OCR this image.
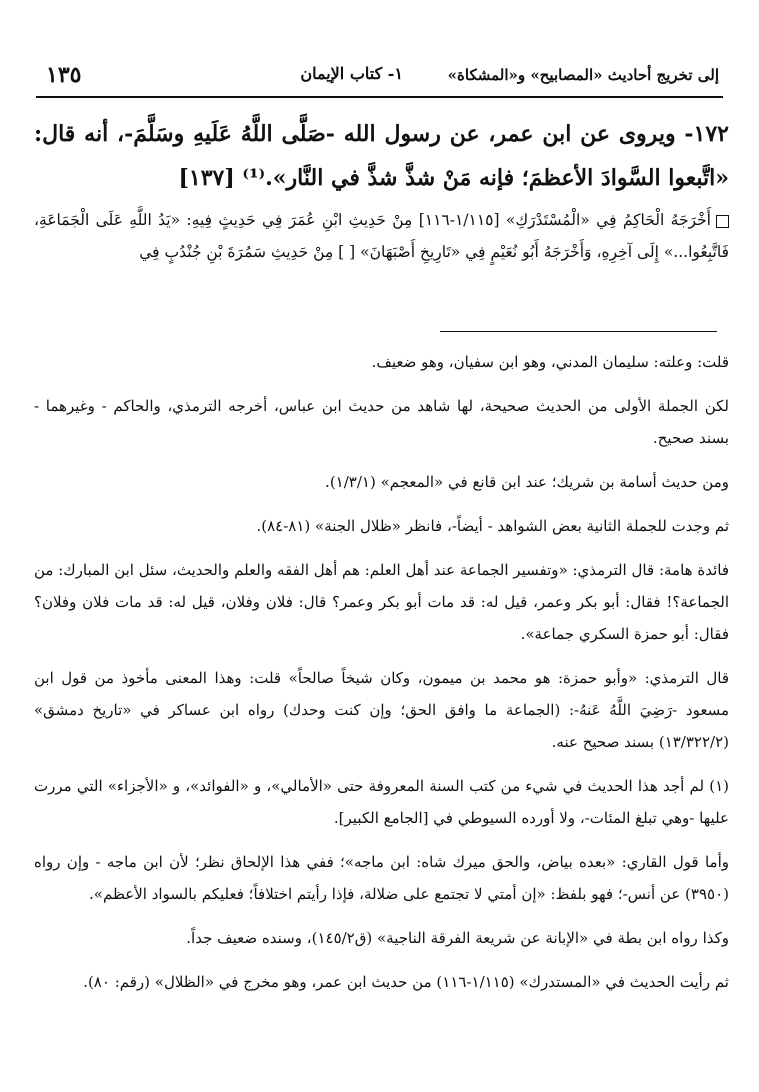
إلى تخريج أحاديث «المصابيح» و«المشكاة»
١- كتاب الإيمان
١٣٥
١٧٢- ويروى عن ابن عمر، عن رسول الله -صَلَّى اللَّهُ عَلَيهِ وسَلَّمَ-، أنه قال: «اتَّبعوا السَّوادَ الأعظمَ؛ فإنه مَنْ شذَّ شذَّ في النَّار».⁽¹⁾ [١٣٧]
أَخْرَجَهُ الْحَاكِمُ فِي «الْمُسْتَدْرَكِ» [١/١١٥-١١٦] مِنْ حَدِيثِ ابْنِ عُمَرَ فِي حَدِيثٍ فِيهِ: «يَدُ اللَّهِ عَلَى الْجَمَاعَةِ، فَاتَّبِعُوا...» إِلَى آخِرِهِ، وَأَخْرَجَهُ أَبُو نُعَيْمٍ فِي «تَارِيخِ أَصْبَهَانَ» [ ] مِنْ حَدِيثِ سَمُرَةَ بْنِ جُنْدُبٍ فِي

قلت: وعلته: سليمان المدني، وهو ابن سفيان، وهو ضعيف.

لكن الجملة الأولى من الحديث صحيحة، لها شاهد من حديث ابن عباس، أخرجه الترمذي، والحاكم - وغيرهما - بسند صحيح.

ومن حديث أسامة بن شريك؛ عند ابن قانع في «المعجم» (١/٣/١).

ثم وجدت للجملة الثانية بعض الشواهد - أيضاً-، فانظر «ظلال الجنة» (٨١-٨٤).

فائدة هامة: قال الترمذي: «وتفسير الجماعة عند أهل العلم: هم أهل الفقه والعلم والحديث، سئل ابن المبارك: من الجماعة؟! فقال: أبو بكر وعمر، قيل له: قد مات أبو بكر وعمر؟ قال: فلان وفلان، قيل له: قد مات فلان وفلان؟ فقال: أبو حمزة السكري جماعة».

قال الترمذي: «وأبو حمزة: هو محمد بن ميمون، وكان شيخاً صالحاً» قلت: وهذا المعنى مأخوذ من قول ابن مسعود -رَضِيَ اللَّهُ عَنهُ-: (الجماعة ما وافق الحق؛ وإن كنت وحدك) رواه ابن عساكر في «تاريخ دمشق» (١٣/٣٢٢/٢) بسند صحيح عنه.

(١) لم أجد هذا الحديث في شيء من كتب السنة المعروفة حتى «الأمالي»، و «الفوائد»، و «الأجزاء» التي مررت عليها -وهي تبلغ المئات-، ولا أورده السيوطي في [الجامع الكبير].

وأما قول القاري: «بعده بياض، والحق ميرك شاه: ابن ماجه»؛ ففي هذا الإلحاق نظر؛ لأن ابن ماجه - وإن رواه (٣٩٥٠) عن أنس-؛ فهو بلفظ: «إن أمتي لا تجتمع على ضلالة، فإذا رأيتم اختلافاً؛ فعليكم بالسواد الأعظم».

وكذا رواه ابن بطة في «الإبانة عن شريعة الفرقة الناجية» (ق١٤٥/٢)، وسنده ضعيف جداً.

ثم رأيت الحديث في «المستدرك» (١/١١٥-١١٦) من حديث ابن عمر، وهو مخرج في «الظلال» (رقم: ٨٠).
